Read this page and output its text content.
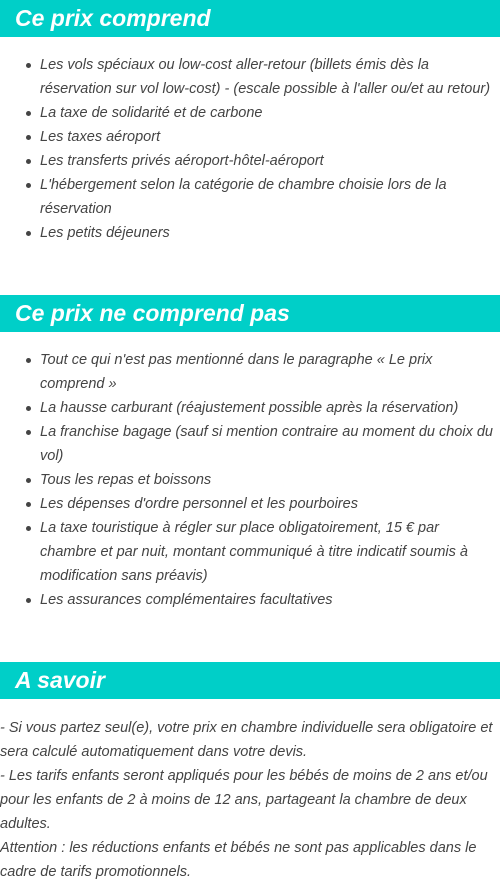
Ce prix comprend
Les vols spéciaux ou low-cost aller-retour (billets émis dès la réservation sur vol low-cost) - (escale possible à l'aller ou/et au retour)
La taxe de solidarité et de carbone
Les taxes aéroport
Les transferts privés aéroport-hôtel-aéroport
L'hébergement selon la catégorie de chambre choisie lors de la réservation
Les petits déjeuners
Ce prix ne comprend pas
Tout ce qui n'est pas mentionné dans le paragraphe « Le prix comprend »
La hausse carburant (réajustement possible après la réservation)
La franchise bagage (sauf si mention contraire au moment du choix du vol)
Tous les repas et boissons
Les dépenses d'ordre personnel et les pourboires
La taxe touristique à régler sur place obligatoirement, 15 € par chambre et par nuit, montant communiqué à titre indicatif soumis à modification sans préavis)
Les assurances complémentaires facultatives
A savoir

- Si vous partez seul(e), votre prix en chambre individuelle sera obligatoire et sera calculé automatiquement dans votre devis.

- Les tarifs enfants seront appliqués pour les bébés de moins de 2 ans et/ou pour les enfants de 2 à moins de 12 ans, partageant la chambre de deux adultes.

Attention : les réductions enfants et bébés ne sont pas applicables dans le cadre de tarifs promotionnels.
